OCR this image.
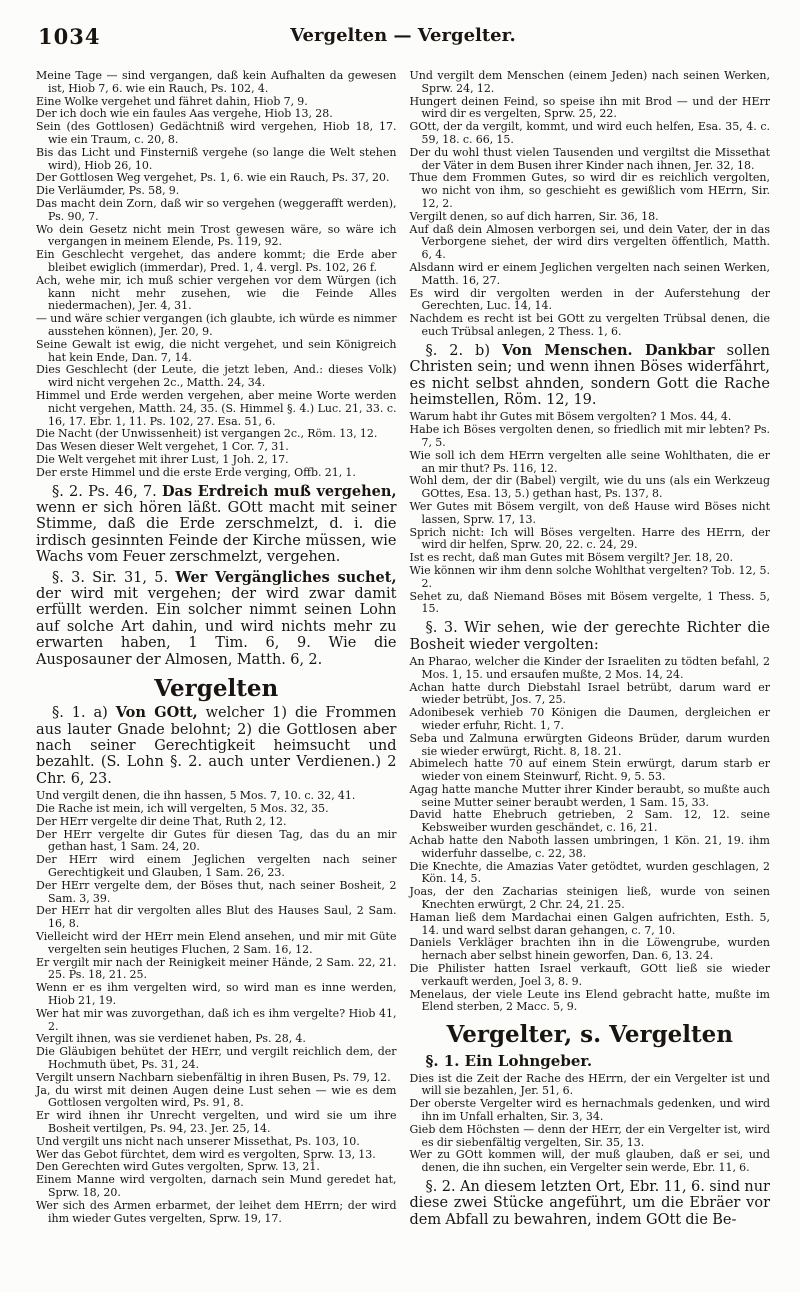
1034	Vergelten — Vergelter.

Meine Tage — sind vergangen, daß kein Aufhalten da gewesen ist, Hiob 7, 6. wie ein Rauch, Ps. 102, 4.

Eine Wolke vergehet und fähret dahin, Hiob 7, 9.

Der ich doch wie ein faules Aas vergehe, Hiob 13, 28.

Sein (des Gottlosen) Gedächtniß wird vergehen, Hiob 18, 17. wie ein Traum, c. 20, 8.

Bis das Licht und Finsterniß vergehe (so lange die Welt stehen wird), Hiob 26, 10.

Der Gottlosen Weg vergehet, Ps. 1, 6. wie ein Rauch, Ps. 37, 20.

Die Verläumder, Ps. 58, 9.

Das macht dein Zorn, daß wir so vergehen (weggerafft werden), Ps. 90, 7.

Wo dein Gesetz nicht mein Trost gewesen wäre, so wäre ich vergangen in meinem Elende, Ps. 119, 92.

Ein Geschlecht vergehet, das andere kommt; die Erde aber bleibet ewiglich (immerdar), Pred. 1, 4. vergl. Ps. 102, 26 f.

Ach, wehe mir, ich muß schier vergehen vor dem Würgen (ich kann nicht mehr zusehen, wie die Feinde Alles niedermachen), Jer. 4, 31.

— und wäre schier vergangen (ich glaubte, ich würde es nimmer ausstehen können), Jer. 20, 9.

Seine Gewalt ist ewig, die nicht vergehet, und sein Königreich hat kein Ende, Dan. 7, 14.

Dies Geschlecht (der Leute, die jetzt leben, And.: dieses Volk) wird nicht vergehen 2c., Matth. 24, 34.

Himmel und Erde werden vergehen, aber meine Worte werden nicht vergehen, Matth. 24, 35. (S. Himmel §. 4.) Luc. 21, 33. c. 16, 17. Ebr. 1, 11. Ps. 102, 27. Esa. 51, 6.

Die Nacht (der Unwissenheit) ist vergangen 2c., Röm. 13, 12.

Das Wesen dieser Welt vergehet, 1 Cor. 7, 31.

Die Welt vergehet mit ihrer Lust, 1 Joh. 2, 17.

Der erste Himmel und die erste Erde verging, Offb. 21, 1.

§. 2. Ps. 46, 7. Das Erdreich muß vergehen, wenn er sich hören läßt. GOtt macht mit seiner Stimme, daß die Erde zerschmelzt, d. i. die irdisch gesinnten Feinde der Kirche müssen, wie Wachs vom Feuer zerschmelzt, vergehen.

§. 3. Sir. 31, 5. Wer Vergängliches suchet, der wird mit vergehen; der wird zwar damit erfüllt werden. Ein solcher nimmt seinen Lohn auf solche Art dahin, und wird nichts mehr zu erwarten haben, 1 Tim. 6, 9. Wie die Ausposauner der Almosen, Matth. 6, 2.

Vergelten

§. 1. a) Von GOtt, welcher 1) die Frommen aus lauter Gnade belohnt; 2) die Gottlosen aber nach seiner Gerechtigkeit heimsucht und bezahlt. (S. Lohn §. 2. auch unter Verdienen.) 2 Chr. 6, 23.

Und vergilt denen, die ihn hassen, 5 Mos. 7, 10. c. 32, 41.

Die Rache ist mein, ich will vergelten, 5 Mos. 32, 35.

Der HErr vergelte dir deine That, Ruth 2, 12.

Der HErr vergelte dir Gutes für diesen Tag, das du an mir gethan hast, 1 Sam. 24, 20.

Der HErr wird einem Jeglichen vergelten nach seiner Gerechtigkeit und Glauben, 1 Sam. 26, 23.

Der HErr vergelte dem, der Böses thut, nach seiner Bosheit, 2 Sam. 3, 39.

Der HErr hat dir vergolten alles Blut des Hauses Saul, 2 Sam. 16, 8.

Vielleicht wird der HErr mein Elend ansehen, und mir mit Güte vergelten sein heutiges Fluchen, 2 Sam. 16, 12.

Er vergilt mir nach der Reinigkeit meiner Hände, 2 Sam. 22, 21. 25. Ps. 18, 21. 25.

Wenn er es ihm vergelten wird, so wird man es inne werden, Hiob 21, 19.

Wer hat mir was zuvorgethan, daß ich es ihm vergelte? Hiob 41, 2.

Vergilt ihnen, was sie verdienet haben, Ps. 28, 4.

Die Gläubigen behütet der HErr, und vergilt reichlich dem, der Hochmuth übet, Ps. 31, 24.

Vergilt unsern Nachbarn siebenfältig in ihren Busen, Ps. 79, 12.

Ja, du wirst mit deinen Augen deine Lust sehen — wie es dem Gottlosen vergolten wird, Ps. 91, 8.

Er wird ihnen ihr Unrecht vergelten, und wird sie um ihre Bosheit vertilgen, Ps. 94, 23. Jer. 25, 14.

Und vergilt uns nicht nach unserer Missethat, Ps. 103, 10.

Wer das Gebot fürchtet, dem wird es vergolten, Sprw. 13, 13.

Den Gerechten wird Gutes vergolten, Sprw. 13, 21.

Einem Manne wird vergolten, darnach sein Mund geredet hat, Sprw. 18, 20.

Wer sich des Armen erbarmet, der leihet dem HErrn; der wird ihm wieder Gutes vergelten, Sprw. 19, 17.

Und vergilt dem Menschen (einem Jeden) nach seinen Werken, Sprw. 24, 12.

Hungert deinen Feind, so speise ihn mit Brod — und der HErr wird dir es vergelten, Sprw. 25, 22.

GOtt, der da vergilt, kommt, und wird euch helfen, Esa. 35, 4. c. 59, 18. c. 66, 15.

Der du wohl thust vielen Tausenden und vergiltst die Missethat der Väter in dem Busen ihrer Kinder nach ihnen, Jer. 32, 18.

Thue dem Frommen Gutes, so wird dir es reichlich vergolten, wo nicht von ihm, so geschieht es gewißlich vom HErrn, Sir. 12, 2.

Vergilt denen, so auf dich harren, Sir. 36, 18.

Auf daß dein Almosen verborgen sei, und dein Vater, der in das Verborgene siehet, der wird dirs vergelten öffentlich, Matth. 6, 4.

Alsdann wird er einem Jeglichen vergelten nach seinen Werken, Matth. 16, 27.

Es wird dir vergolten werden in der Auferstehung der Gerechten, Luc. 14, 14.

Nachdem es recht ist bei GOtt zu vergelten Trübsal denen, die euch Trübsal anlegen, 2 Thess. 1, 6.

§. 2. b) Von Menschen. Dankbar sollen Christen sein; und wenn ihnen Böses widerfährt, es nicht selbst ahnden, sondern Gott die Rache heimstellen, Röm. 12, 19.

Warum habt ihr Gutes mit Bösem vergolten? 1 Mos. 44, 4.

Habe ich Böses vergolten denen, so friedlich mit mir lebten? Ps. 7, 5.

Wie soll ich dem HErrn vergelten alle seine Wohlthaten, die er an mir thut? Ps. 116, 12.

Wohl dem, der dir (Babel) vergilt, wie du uns (als ein Werkzeug GOttes, Esa. 13, 5.) gethan hast, Ps. 137, 8.

Wer Gutes mit Bösem vergilt, von deß Hause wird Böses nicht lassen, Sprw. 17, 13.

Sprich nicht: Ich will Böses vergelten. Harre des HErrn, der wird dir helfen, Sprw. 20, 22. c. 24, 29.

Ist es recht, daß man Gutes mit Bösem vergilt? Jer. 18, 20.

Wie können wir ihm denn solche Wohlthat vergelten? Tob. 12, 5. 2.

Sehet zu, daß Niemand Böses mit Bösem vergelte, 1 Thess. 5, 15.

§. 3. Wir sehen, wie der gerechte Richter die Bosheit wieder vergolten:

An Pharao, welcher die Kinder der Israeliten zu tödten befahl, 2 Mos. 1, 15. und ersaufen mußte, 2 Mos. 14, 24.

Achan hatte durch Diebstahl Israel betrübt, darum ward er wieder betrübt, Jos. 7, 25.

Adonibesek verhieb 70 Königen die Daumen, dergleichen er wieder erfuhr, Richt. 1, 7.

Seba und Zalmuna erwürgten Gideons Brüder, darum wurden sie wieder erwürgt, Richt. 8, 18. 21.

Abimelech hatte 70 auf einem Stein erwürgt, darum starb er wieder von einem Steinwurf, Richt. 9, 5. 53.

Agag hatte manche Mutter ihrer Kinder beraubt, so mußte auch seine Mutter seiner beraubt werden, 1 Sam. 15, 33.

David hatte Ehebruch getrieben, 2 Sam. 12, 12. seine Kebsweiber wurden geschändet, c. 16, 21.

Achab hatte den Naboth lassen umbringen, 1 Kön. 21, 19. ihm widerfuhr dasselbe, c. 22, 38.

Die Knechte, die Amazias Vater getödtet, wurden geschlagen, 2 Kön. 14, 5.

Joas, der den Zacharias steinigen ließ, wurde von seinen Knechten erwürgt, 2 Chr. 24, 21. 25.

Haman ließ dem Mardachai einen Galgen aufrichten, Esth. 5, 14. und ward selbst daran gehangen, c. 7, 10.

Daniels Verkläger brachten ihn in die Löwengrube, wurden hernach aber selbst hinein geworfen, Dan. 6, 13. 24.

Die Philister hatten Israel verkauft, GOtt ließ sie wieder verkauft werden, Joel 3, 8. 9.

Menelaus, der viele Leute ins Elend gebracht hatte, mußte im Elend sterben, 2 Macc. 5, 9.

Vergelter, s. Vergelten
§. 1. Ein Lohngeber.

Dies ist die Zeit der Rache des HErrn, der ein Vergelter ist und will sie bezahlen, Jer. 51, 6.

Der oberste Vergelter wird es hernachmals gedenken, und wird ihn im Unfall erhalten, Sir. 3, 34.

Gieb dem Höchsten — denn der HErr, der ein Vergelter ist, wird es dir siebenfältig vergelten, Sir. 35, 13.

Wer zu GOtt kommen will, der muß glauben, daß er sei, und denen, die ihn suchen, ein Vergelter sein werde, Ebr. 11, 6.

§. 2. An diesem letzten Ort, Ebr. 11, 6. sind nur diese zwei Stücke angeführt, um die Ebräer vor dem Abfall zu bewahren, indem GOtt die Be-
